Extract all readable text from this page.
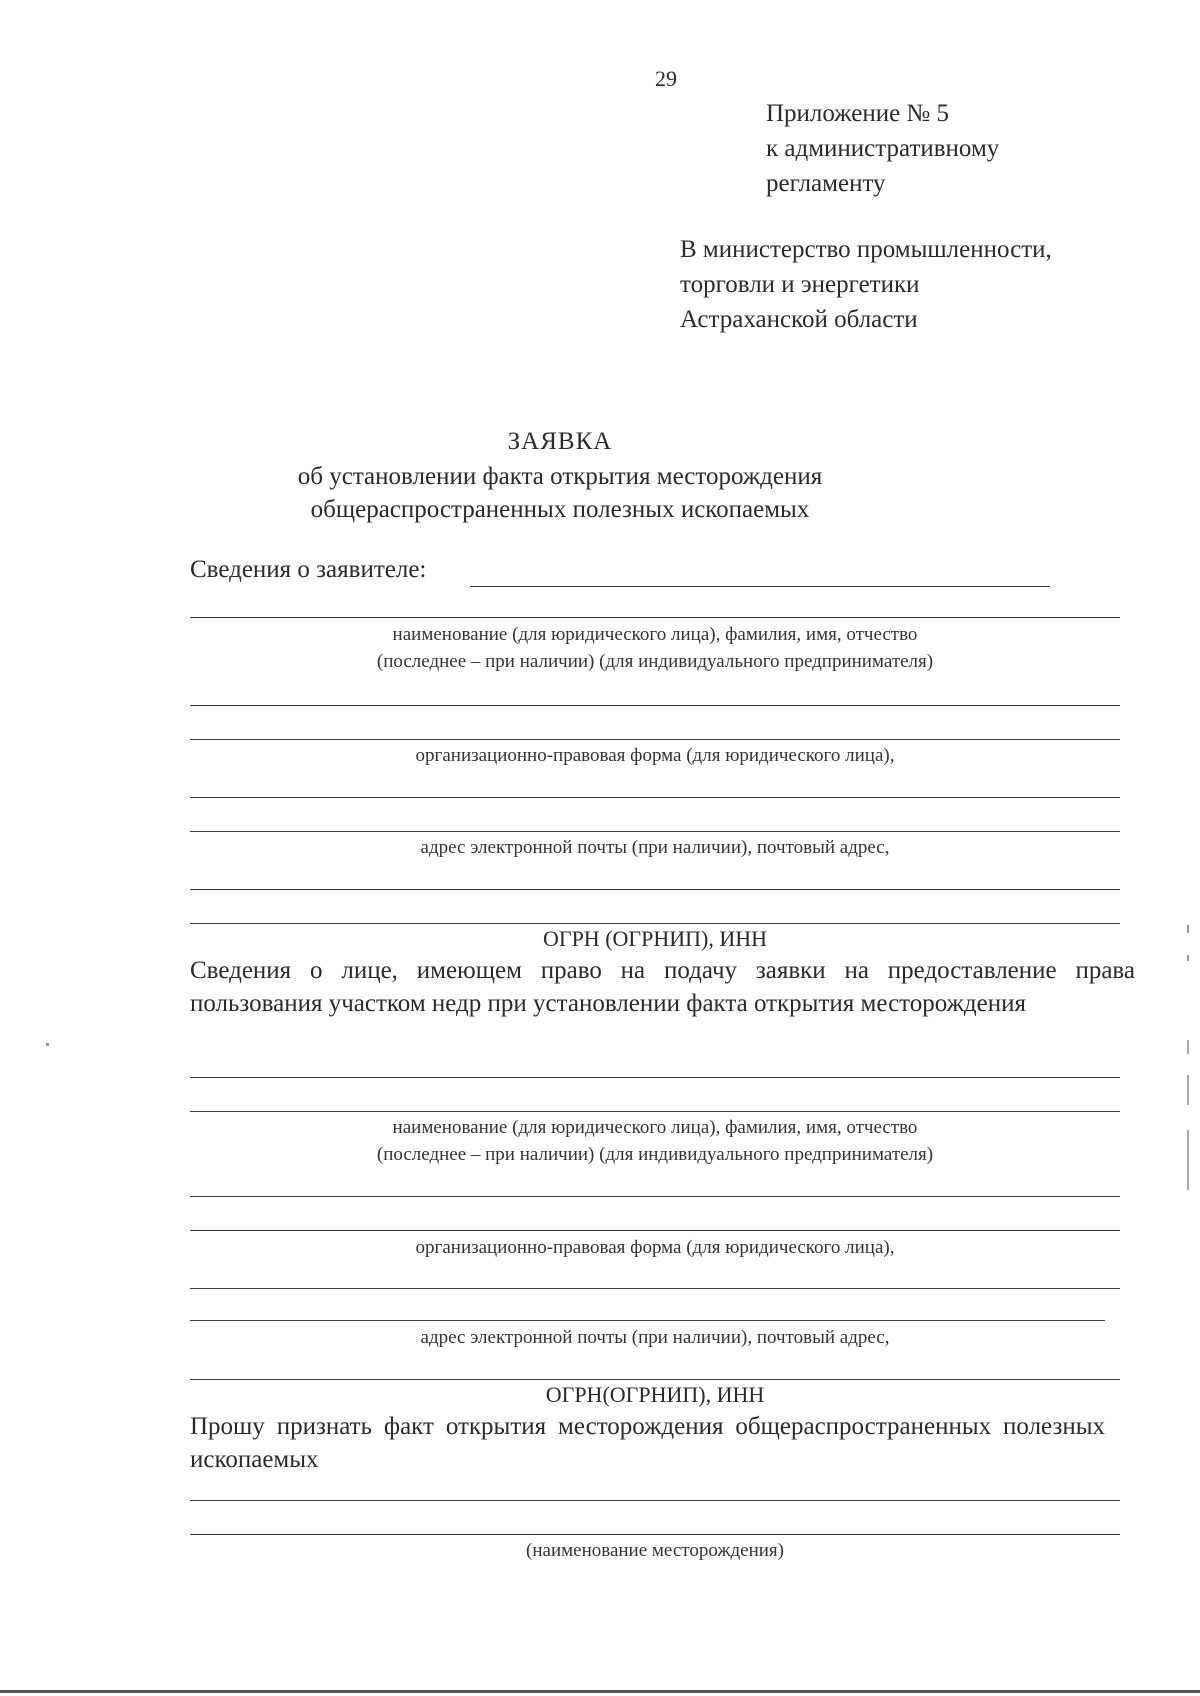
29
Приложение № 5
к административному
регламенту
В министерство промышленности,
торговли и энергетики
Астраханской области
ЗАЯВКА
об установлении факта открытия месторождения
общераспространенных полезных ископаемых
Сведения о заявителе:
наименование (для юридического лица), фамилия, имя, отчество
(последнее – при наличии) (для индивидуального предпринимателя)
организационно-правовая форма (для юридического лица),
адрес электронной почты (при наличии), почтовый адрес,
ОГРН (ОГРНИП), ИНН
Сведения о лице, имеющем право на подачу заявки на предоставление права пользования участком недр при установлении факта открытия месторождения
наименование (для юридического лица), фамилия, имя, отчество
(последнее – при наличии) (для индивидуального предпринимателя)
организационно-правовая форма (для юридического лица),
адрес электронной почты (при наличии), почтовый адрес,
ОГРН(ОГРНИП), ИНН
Прошу признать факт открытия месторождения общераспространенных полезных ископаемых
(наименование месторождения)
